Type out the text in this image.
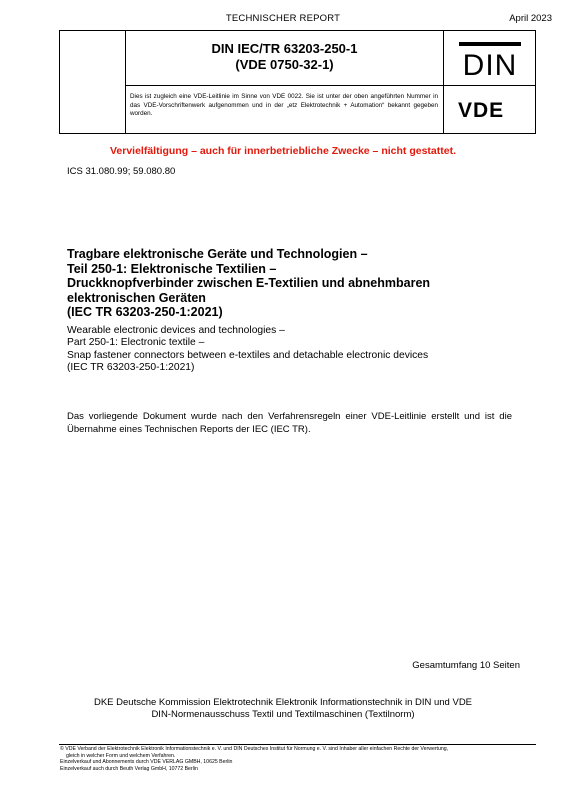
TECHNISCHER REPORT	April 2023
DIN IEC/TR 63203-250-1
(VDE 0750-32-1)	DIN
Dies ist zugleich eine VDE-Leitlinie im Sinne von VDE 0022. Sie ist unter der oben angeführten Nummer in das VDE-Vorschriftenwerk aufgenommen und in der „etz Elektrotechnik + Automation“ bekannt gegeben worden.	VDE
Vervielfältigung – auch für innerbetriebliche Zwecke – nicht gestattet.
ICS 31.080.99; 59.080.80
Tragbare elektronische Geräte und Technologien –
Teil 250-1: Elektronische Textilien –
Druckknopfverbinder zwischen E-Textilien und abnehmbaren
elektronischen Geräten
(IEC TR 63203-250-1:2021)
Wearable electronic devices and technologies –
Part 250-1: Electronic textile –
Snap fastener connectors between e-textiles and detachable electronic devices
(IEC TR 63203-250-1:2021)
Das vorliegende Dokument wurde nach den Verfahrensregeln einer VDE-Leitlinie erstellt und ist die Übernahme eines Technischen Reports der IEC (IEC TR).
Gesamtumfang 10 Seiten
DKE Deutsche Kommission Elektrotechnik Elektronik Informationstechnik in DIN und VDE
DIN-Normenausschuss Textil und Textilmaschinen (Textilnorm)
© VDE Verband der Elektrotechnik Elektronik Informationstechnik e. V. und DIN Deutsches Institut für Normung e. V. sind Inhaber aller einfachen Rechte der Verwertung,
gleich in welcher Form und welchem Verfahren.
Einzelverkauf und Abonnements durch VDE VERLAG GMBH, 10625 Berlin
Einzelverkauf auch durch Beuth Verlag GmbH, 10772 Berlin
